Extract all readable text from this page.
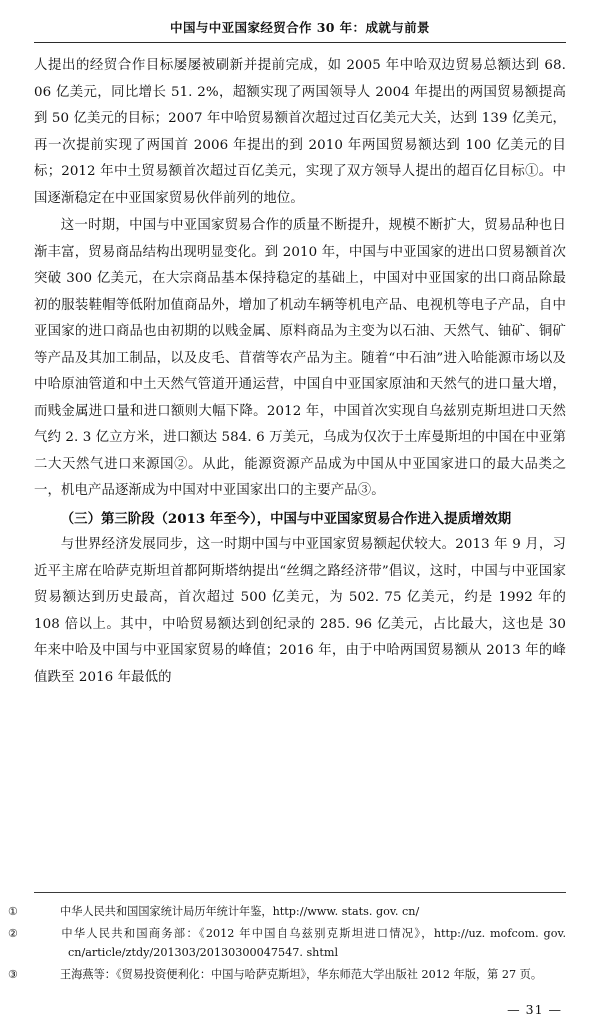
中国与中亚国家经贸合作 30 年：成就与前景

人提出的经贸合作目标屡屡被刷新并提前完成，如 2005 年中哈双边贸易总额达到 68. 06 亿美元，同比增长 51. 2%，超额实现了两国领导人 2004 年提出的两国贸易额提高到 50 亿美元的目标；2007 年中哈贸易额首次超过过百亿美元大关，达到 139 亿美元，再一次提前实现了两国首 2006 年提出的到 2010 年两国贸易额达到 100 亿美元的目标；2012 年中土贸易额首次超过百亿美元，实现了双方领导人提出的超百亿目标①。中国逐渐稳定在中亚国家贸易伙伴前列的地位。

这一时期，中国与中亚国家贸易合作的质量不断提升，规模不断扩大，贸易品种也日渐丰富，贸易商品结构出现明显变化。到 2010 年，中国与中亚国家的进出口贸易额首次突破 300 亿美元，在大宗商品基本保持稳定的基础上，中国对中亚国家的出口商品除最初的服装鞋帽等低附加值商品外，增加了机动车辆等机电产品、电视机等电子产品，自中亚国家的进口商品也由初期的以贱金属、原料商品为主变为以石油、天然气、铀矿、铜矿等产品及其加工制品，以及皮毛、苜蓿等农产品为主。随着“中石油”进入哈能源市场以及中哈原油管道和中土天然气管道开通运营，中国自中亚国家原油和天然气的进口量大增，而贱金属进口量和进口额则大幅下降。2012 年，中国首次实现自乌兹别克斯坦进口天然气约 2. 3 亿立方米，进口额达 584. 6 万美元，乌成为仅次于土库曼斯坦的中国在中亚第二大天然气进口来源国②。从此，能源资源产品成为中国从中亚国家进口的最大品类之一，机电产品逐渐成为中国对中亚国家出口的主要产品③。

（三）第三阶段（2013 年至今），中国与中亚国家贸易合作进入提质增效期

与世界经济发展同步，这一时期中国与中亚国家贸易额起伏较大。2013 年 9 月，习近平主席在哈萨克斯坦首都阿斯塔纳提出“丝绸之路经济带”倡议，这时，中国与中亚国家贸易额达到历史最高，首次超过 500 亿美元，为 502. 75 亿美元，约是 1992 年的 108 倍以上。其中，中哈贸易额达到创纪录的 285. 96 亿美元，占比最大，这也是 30 年来中哈及中国与中亚国家贸易的峰值；2016 年，由于中哈两国贸易额从 2013 年的峰值跌至 2016 年最低的

①	中华人民共和国国家统计局历年统计年鉴，http://www. stats. gov. cn/

②	中华人民共和国商务部：《2012 年中国自乌兹别克斯坦进口情况》，http://uz. mofcom. gov. cn/article/ztdy/201303/20130300047547. shtml

③	王海燕等：《贸易投资便利化：中国与哈萨克斯坦》，华东师范大学出版社 2012 年版，第 27 页。

— 31 —
